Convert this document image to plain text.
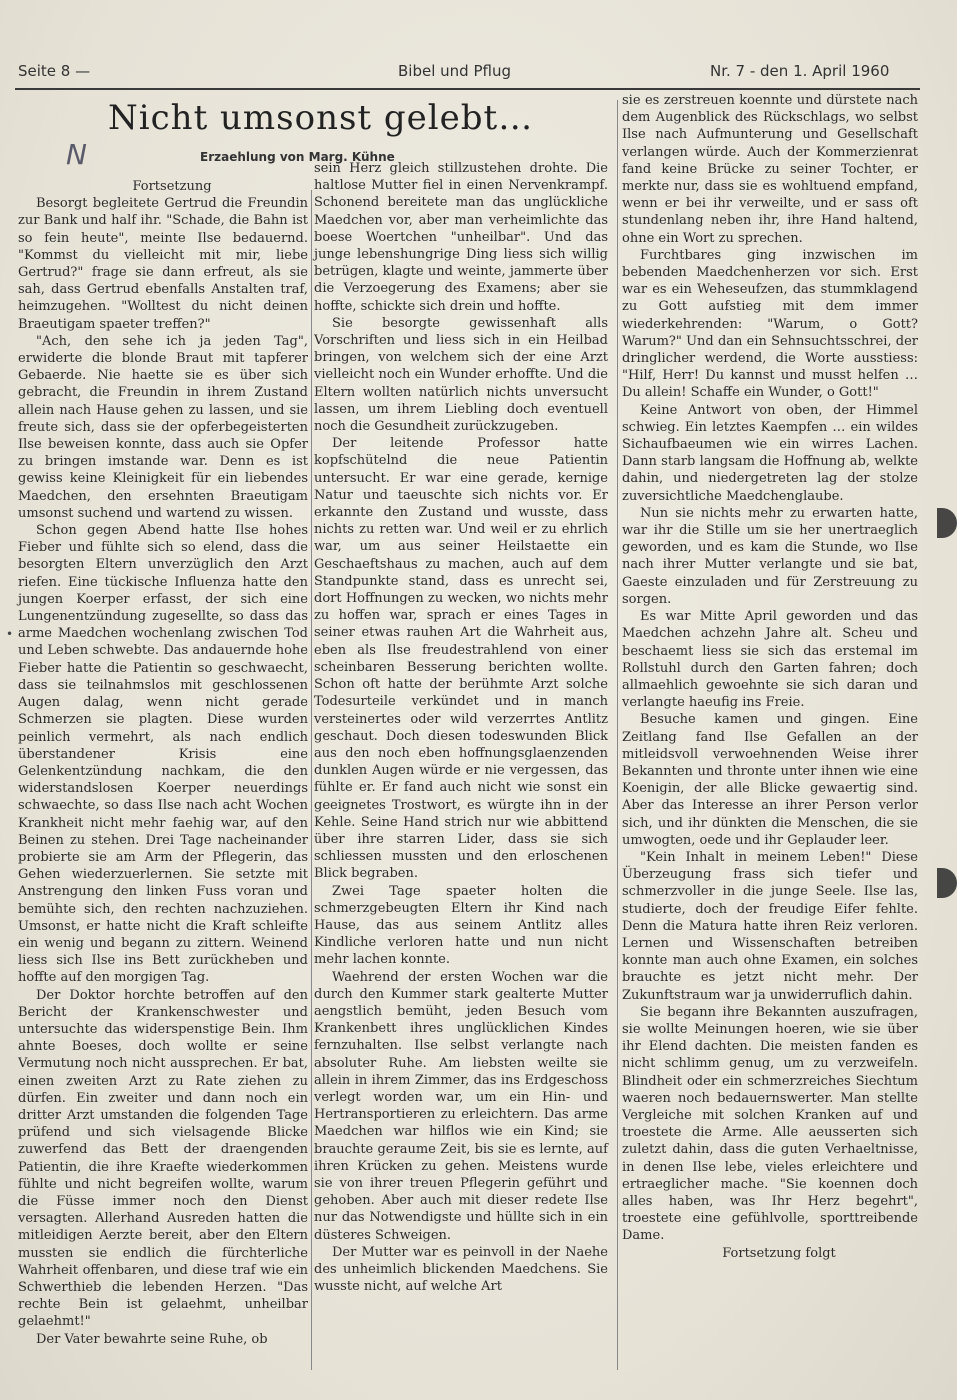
Seite 8 —	Bibel und Pflug	Nr. 7 - den 1. April 1960
Nicht umsonst gelebt…
N	Erzaehlung von Marg. Kühne

Fortsetzung

Besorgt begleitete Gertrud die Freundin zur Bank und half ihr. "Schade, die Bahn ist so fein heute", meinte Ilse bedauernd. "Kommst du vielleicht mit mir, liebe Gertrud?" frage sie dann erfreut, als sie sah, dass Gertrud ebenfalls Anstalten traf, heimzugehen. "Wolltest du nicht deinen Braeutigam spaeter treffen?"

"Ach, den sehe ich ja jeden Tag", erwiderte die blonde Braut mit tapferer Gebaerde. Nie haette sie es über sich gebracht, die Freundin in ihrem Zustand allein nach Hause gehen zu lassen, und sie freute sich, dass sie der opferbegeisterten Ilse beweisen konnte, dass auch sie Opfer zu bringen imstande war. Denn es ist gewiss keine Kleinigkeit für ein liebendes Maedchen, den ersehnten Braeutigam umsonst suchend und wartend zu wissen.

Schon gegen Abend hatte Ilse hohes Fieber und fühlte sich so elend, dass die besorgten Eltern unverzüglich den Arzt riefen. Eine tückische Influenza hatte den jungen Koerper erfasst, der sich eine Lungenentzündung zugesellte, so dass das arme Maedchen wochenlang zwischen Tod und Leben schwebte. Das andauernde hohe Fieber hatte die Patientin so geschwaecht, dass sie teilnahmslos mit geschlossenen Augen dalag, wenn nicht gerade Schmerzen sie plagten. Diese wurden peinlich vermehrt, als nach endlich überstandener Krisis eine Gelenkentzündung nachkam, die den widerstandslosen Koerper neuerdings schwaechte, so dass Ilse nach acht Wochen Krankheit nicht mehr faehig war, auf den Beinen zu stehen. Drei Tage nacheinander probierte sie am Arm der Pflegerin, das Gehen wiederzuerlernen. Sie setzte mit Anstrengung den linken Fuss voran und bemühte sich, den rechten nachzuziehen. Umsonst, er hatte nicht die Kraft schleifte ein wenig und begann zu zittern. Weinend liess sich Ilse ins Bett zurückheben und hoffte auf den morgigen Tag.

Der Doktor horchte betroffen auf den Bericht der Krankenschwester und untersuchte das widerspenstige Bein. Ihm ahnte Boeses, doch wollte er seine Vermutung noch nicht aussprechen. Er bat, einen zweiten Arzt zu Rate ziehen zu dürfen. Ein zweiter und dann noch ein dritter Arzt umstanden die folgenden Tage prüfend und sich vielsagende Blicke zuwerfend das Bett der draengenden Patientin, die ihre Kraefte wiederkommen fühlte und nicht begreifen wollte, warum die Füsse immer noch den Dienst versagten. Allerhand Ausreden hatten die mitleidigen Aerzte bereit, aber den Eltern mussten sie endlich die fürchterliche Wahrheit offenbaren, und diese traf wie ein Schwerthieb die lebenden Herzen. "Das rechte Bein ist gelaehmt, unheilbar gelaehmt!"

Der Vater bewahrte seine Ruhe, ob

sein Herz gleich stillzustehen drohte. Die haltlose Mutter fiel in einen Nervenkrampf. Schonend bereitete man das unglückliche Maedchen vor, aber man verheimlichte das boese Woertchen "unheilbar". Und das junge lebenshungrige Ding liess sich willig betrügen, klagte und weinte, jammerte über die Verzoegerung des Examens; aber sie hoffte, schickte sich drein und hoffte.

Sie besorgte gewissenhaft alls Vorschriften und liess sich in ein Heilbad bringen, von welchem sich der eine Arzt vielleicht noch ein Wunder erhoffte. Und die Eltern wollten natürlich nichts unversucht lassen, um ihrem Liebling doch eventuell noch die Gesundheit zurückzugeben.

Der leitende Professor hatte kopfschütelnd die neue Patientin untersucht. Er war eine gerade, kernige Natur und taeuschte sich nichts vor. Er erkannte den Zustand und wusste, dass nichts zu retten war. Und weil er zu ehrlich war, um aus seiner Heilstaette ein Geschaeftshaus zu machen, auch auf dem Standpunkte stand, dass es unrecht sei, dort Hoffnungen zu wecken, wo nichts mehr zu hoffen war, sprach er eines Tages in seiner etwas rauhen Art die Wahrheit aus, eben als Ilse freudestrahlend von einer scheinbaren Besserung berichten wollte. Schon oft hatte der berühmte Arzt solche Todesurteile verkündet und in manch versteinertes oder wild verzerrtes Antlitz geschaut. Doch diesen todeswunden Blick aus den noch eben hoffnungsglaenzenden dunklen Augen würde er nie vergessen, das fühlte er. Er fand auch nicht wie sonst ein geeignetes Trostwort, es würgte ihn in der Kehle. Seine Hand strich nur wie abbittend über ihre starren Lider, dass sie sich schliessen mussten und den erloschenen Blick begraben.

Zwei Tage spaeter holten die schmerzgebeugten Eltern ihr Kind nach Hause, das aus seinem Antlitz alles Kindliche verloren hatte und nun nicht mehr lachen konnte.

Waehrend der ersten Wochen war die durch den Kummer stark gealterte Mutter aengstlich bemüht, jeden Besuch vom Krankenbett ihres unglücklichen Kindes fernzuhalten. Ilse selbst verlangte nach absoluter Ruhe. Am liebsten weilte sie allein in ihrem Zimmer, das ins Erdgeschoss verlegt worden war, um ein Hin- und Hertransportieren zu erleichtern. Das arme Maedchen war hilflos wie ein Kind; sie brauchte geraume Zeit, bis sie es lernte, auf ihren Krücken zu gehen. Meistens wurde sie von ihrer treuen Pflegerin geführt und gehoben. Aber auch mit dieser redete Ilse nur das Notwendigste und hüllte sich in ein düsteres Schweigen.

Der Mutter war es peinvoll in der Naehe des unheimlich blickenden Maedchens. Sie wusste nicht, auf welche Art

sie es zerstreuen koennte und dürstete nach dem Augenblick des Rückschlags, wo selbst Ilse nach Aufmunterung und Gesellschaft verlangen würde. Auch der Kommerzienrat fand keine Brücke zu seiner Tochter, er merkte nur, dass sie es wohltuend empfand, wenn er bei ihr verweilte, und er sass oft stundenlang neben ihr, ihre Hand haltend, ohne ein Wort zu sprechen.

Furchtbares ging inzwischen im bebenden Maedchenherzen vor sich. Erst war es ein Weheseufzen, das stummklagend zu Gott aufstieg mit dem immer wiederkehrenden: "Warum, o Gott? Warum?" Und dan ein Sehnsuchtsschrei, der dringlicher werdend, die Worte ausstiess: "Hilf, Herr! Du kannst und musst helfen … Du allein! Schaffe ein Wunder, o Gott!"

Keine Antwort von oben, der Himmel schwieg. Ein letztes Kaempfen … ein wildes Sichaufbaeumen wie ein wirres Lachen. Dann starb langsam die Hoffnung ab, welkte dahin, und niedergetreten lag der stolze zuversichtliche Maedchenglaube.

Nun sie nichts mehr zu erwarten hatte, war ihr die Stille um sie her unertraeglich geworden, und es kam die Stunde, wo Ilse nach ihrer Mutter verlangte und sie bat, Gaeste einzuladen und für Zerstreuung zu sorgen.

Es war Mitte April geworden und das Maedchen achzehn Jahre alt. Scheu und beschaemt liess sie sich das erstemal im Rollstuhl durch den Garten fahren; doch allmaehlich gewoehnte sie sich daran und verlangte haeufig ins Freie.

Besuche kamen und gingen. Eine Zeitlang fand Ilse Gefallen an der mitleidsvoll verwoehnenden Weise ihrer Bekannten und thronte unter ihnen wie eine Koenigin, der alle Blicke gewaertig sind. Aber das Interesse an ihrer Person verlor sich, und ihr dünkten die Menschen, die sie umwogten, oede und ihr Geplauder leer.

"Kein Inhalt in meinem Leben!" Diese Überzeugung frass sich tiefer und schmerzvoller in die junge Seele. Ilse las, studierte, doch der freudige Eifer fehlte. Denn die Matura hatte ihren Reiz verloren. Lernen und Wissenschaften betreiben konnte man auch ohne Examen, ein solches brauchte es jetzt nicht mehr. Der Zukunftstraum war ja unwiderruflich dahin.

Sie begann ihre Bekannten auszufragen, sie wollte Meinungen hoeren, wie sie über ihr Elend dachten. Die meisten fanden es nicht schlimm genug, um zu verzweifeln. Blindheit oder ein schmerzreiches Siechtum waeren noch bedauernswerter. Man stellte Vergleiche mit solchen Kranken auf und troestete die Arme. Alle aeusserten sich zuletzt dahin, dass die guten Verhaeltnisse, in denen Ilse lebe, vieles erleichtere und ertraeglicher mache. "Sie koennen doch alles haben, was Ihr Herz begehrt", troestete eine gefühlvolle, sporttreibende Dame.

Fortsetzung folgt

•
